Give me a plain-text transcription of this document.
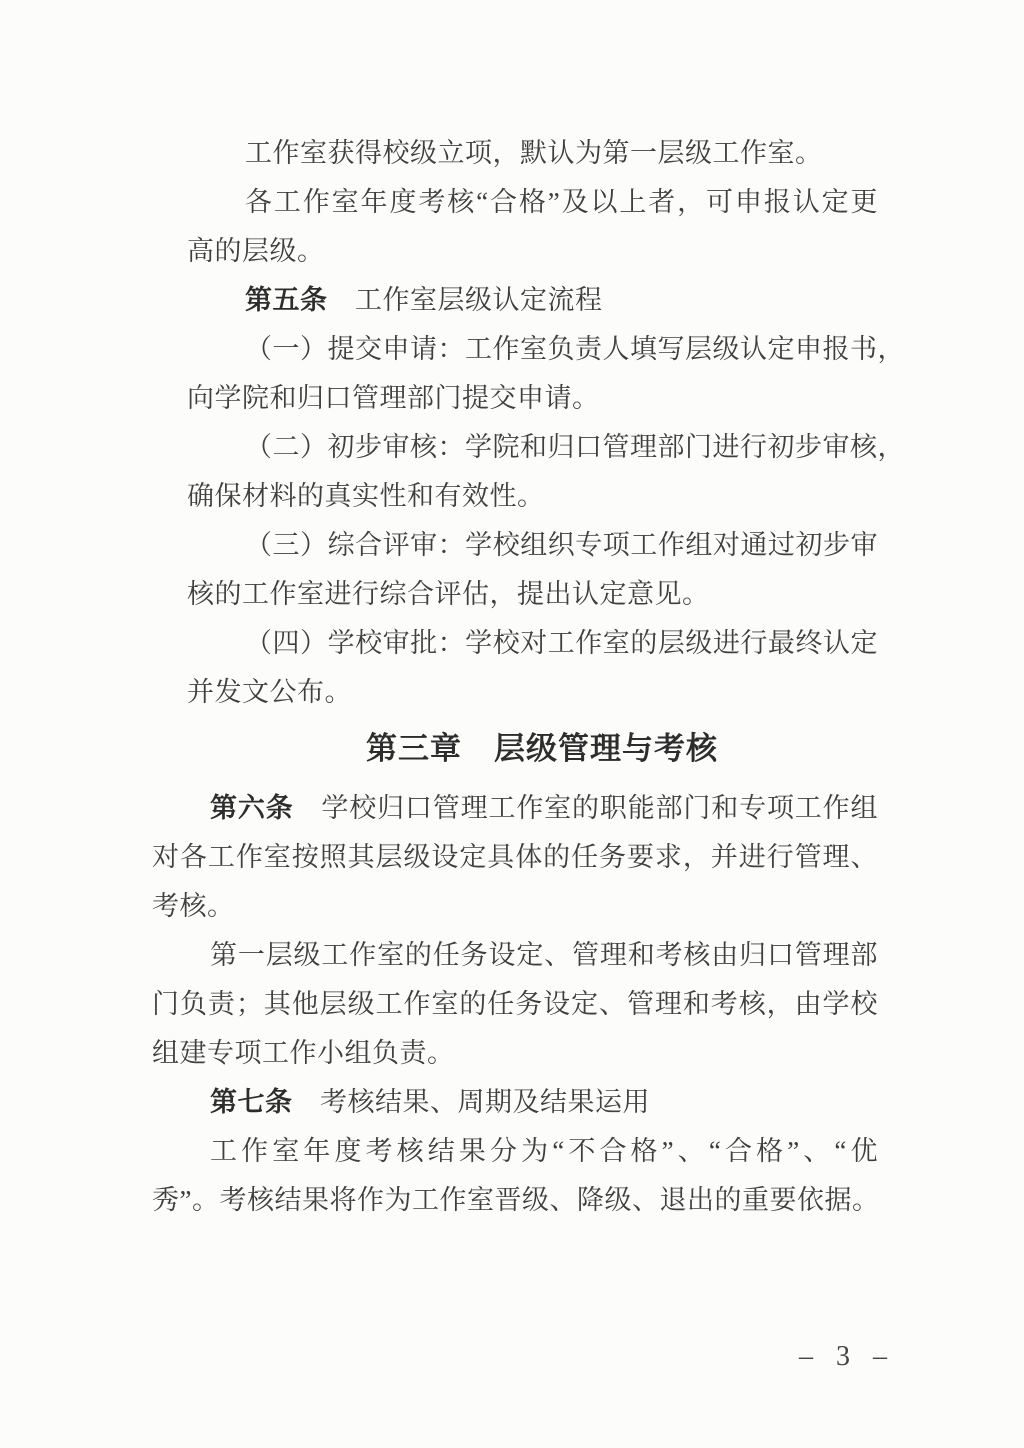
工作室获得校级立项，默认为第一层级工作室。
各工作室年度考核“合格”及以上者，可申报认定更
高的层级。
第五条　工作室层级认定流程
（一）提交申请：工作室负责人填写层级认定申报书，
向学院和归口管理部门提交申请。
（二）初步审核：学院和归口管理部门进行初步审核，
确保材料的真实性和有效性。
（三）综合评审：学校组织专项工作组对通过初步审
核的工作室进行综合评估，提出认定意见。
（四）学校审批：学校对工作室的层级进行最终认定
并发文公布。
第三章　层级管理与考核
第六条　学校归口管理工作室的职能部门和专项工作组
对各工作室按照其层级设定具体的任务要求，并进行管理、
考核。
第一层级工作室的任务设定、管理和考核由归口管理部
门负责；其他层级工作室的任务设定、管理和考核，由学校
组建专项工作小组负责。
第七条　考核结果、周期及结果运用
工作室年度考核结果分为“不合格”、“合格”、“优
秀”。考核结果将作为工作室晋级、降级、退出的重要依据。
– 3 –
